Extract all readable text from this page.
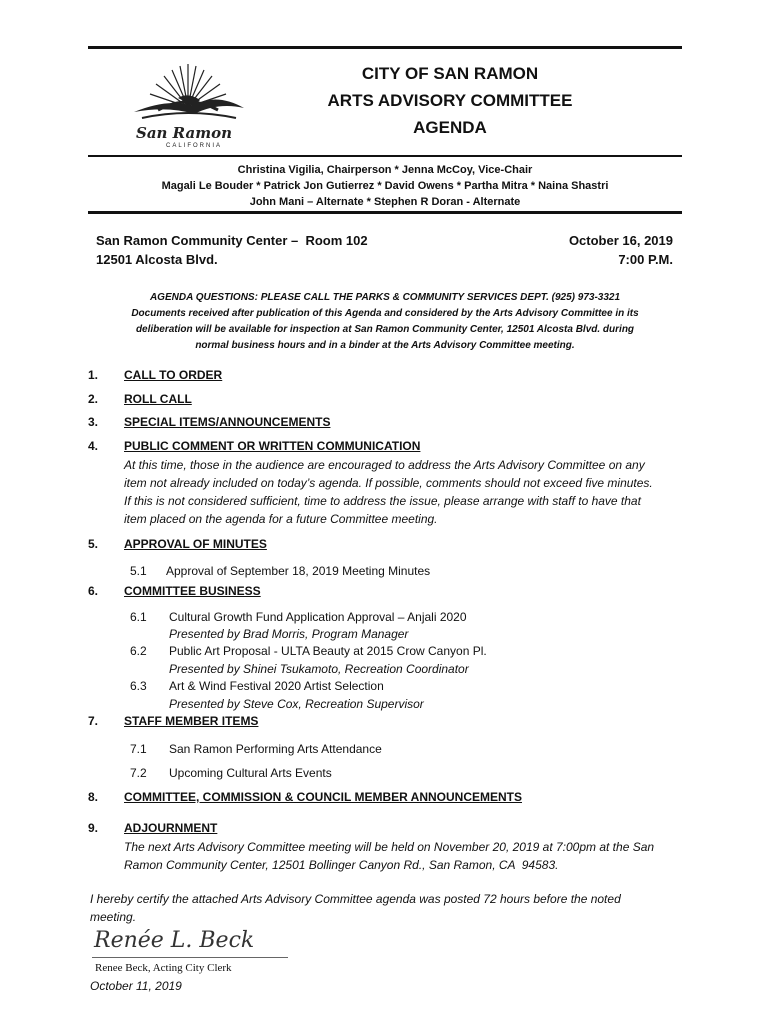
San Ramon
CALIFORNIA
CITY OF SAN RAMON
ARTS ADVISORY COMMITTEE
AGENDA
Christina Vigilia, Chairperson * Jenna McCoy, Vice-Chair
Magali Le Bouder * Patrick Jon Gutierrez * David Owens * Partha Mitra * Naina Shastri
John Mani – Alternate * Stephen R Doran - Alternate
San Ramon Community Center –  Room 102
12501 Alcosta Blvd.
October 16, 2019
7:00 P.M.
AGENDA QUESTIONS: PLEASE CALL THE PARKS & COMMUNITY SERVICES DEPT. (925) 973-3321
Documents received after publication of this Agenda and considered by the Arts Advisory Committee in its
deliberation will be available for inspection at San Ramon Community Center, 12501 Alcosta Blvd. during
normal business hours and in a binder at the Arts Advisory Committee meeting.
1. CALL TO ORDER
2. ROLL CALL
3. SPECIAL ITEMS/ANNOUNCEMENTS
4. PUBLIC COMMENT OR WRITTEN COMMUNICATION
At this time, those in the audience are encouraged to address the Arts Advisory Committee on any
item not already included on today’s agenda. If possible, comments should not exceed five minutes.
If this is not considered sufficient, time to address the issue, please arrange with staff to have that
item placed on the agenda for a future Committee meeting.
5. APPROVAL OF MINUTES
5.1 Approval of September 18, 2019 Meeting Minutes
6. COMMITTEE BUSINESS
6.1 Cultural Growth Fund Application Approval – Anjali 2020
Presented by Brad Morris, Program Manager
6.2 Public Art Proposal - ULTA Beauty at 2015 Crow Canyon Pl.
Presented by Shinei Tsukamoto, Recreation Coordinator
6.3 Art & Wind Festival 2020 Artist Selection
Presented by Steve Cox, Recreation Supervisor
7. STAFF MEMBER ITEMS
7.1 San Ramon Performing Arts Attendance
7.2 Upcoming Cultural Arts Events
8. COMMITTEE, COMMISSION & COUNCIL MEMBER ANNOUNCEMENTS
9. ADJOURNMENT
The next Arts Advisory Committee meeting will be held on November 20, 2019 at 7:00pm at the San
Ramon Community Center, 12501 Bollinger Canyon Rd., San Ramon, CA  94583.
I hereby certify the attached Arts Advisory Committee agenda was posted 72 hours before the noted
meeting.
Renée L. Beck
Renee Beck, Acting City Clerk
October 11, 2019
